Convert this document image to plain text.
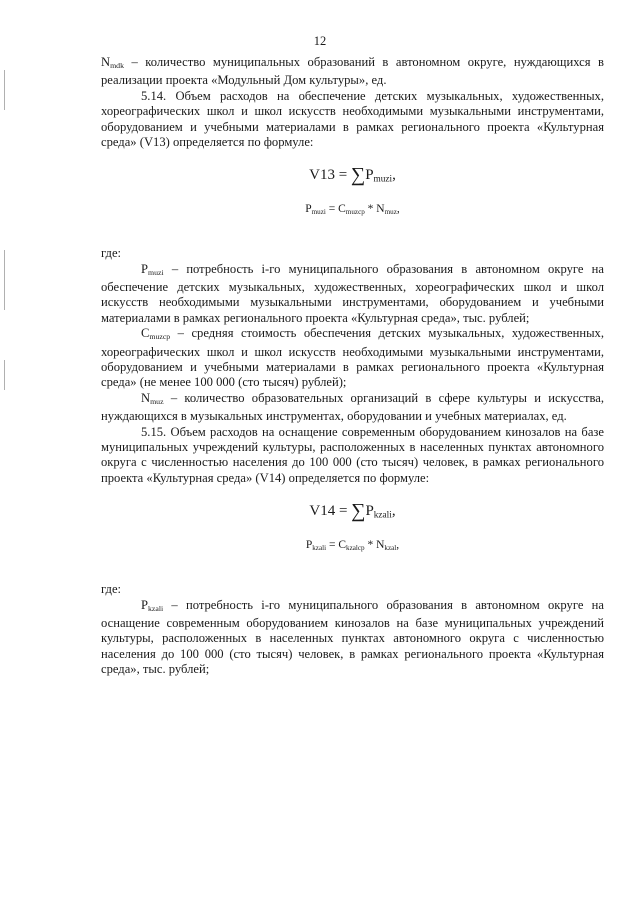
12

$N_{mdk}$ – количество муниципальных образований в автономном округе, нуждающихся в реализации проекта «Модульный Дом культуры», ед.

5.14. Объем расходов на обеспечение детских музыкальных, художественных, хореографических школ и школ искусств необходимыми музыкальными инструментами, оборудованием и учебными материалами в рамках регионального проекта «Культурная среда» (V13) определяется по формуле:

$V13 = \sum P_{muzi}$,

$P_{muzi} = C_{muzcp} * N_{muz}$,

где:

$P_{muzi}$ – потребность i-го муниципального образования в автономном округе на обеспечение детских музыкальных, художественных, хореографических школ и школ искусств необходимыми музыкальными инструментами, оборудованием и учебными материалами в рамках регионального проекта «Культурная среда», тыс. рублей;

$C_{muzcp}$ – средняя стоимость обеспечения детских музыкальных, художественных, хореографических школ и школ искусств необходимыми музыкальными инструментами, оборудованием и учебными материалами в рамках регионального проекта «Культурная среда» (не менее 100 000 (сто тысяч) рублей);

$N_{muz}$ – количество образовательных организаций в сфере культуры и искусства, нуждающихся в музыкальных инструментах, оборудовании и учебных материалах, ед.

5.15. Объем расходов на оснащение современным оборудованием кинозалов на базе муниципальных учреждений культуры, расположенных в населенных пунктах автономного округа с численностью населения до 100 000 (сто тысяч) человек, в рамках регионального проекта «Культурная среда» (V14) определяется по формуле:

$V14 = \sum P_{kzali}$,

$P_{kzali} = C_{kzalcp} * N_{kzal}$,

где:

$P_{kzali}$ – потребность i-го муниципального образования в автономном округе на оснащение современным оборудованием кинозалов на базе муниципальных учреждений культуры, расположенных в населенных пунктах автономного округа с численностью населения до 100 000 (сто тысяч) человек, в рамках регионального проекта «Культурная среда», тыс. рублей;
